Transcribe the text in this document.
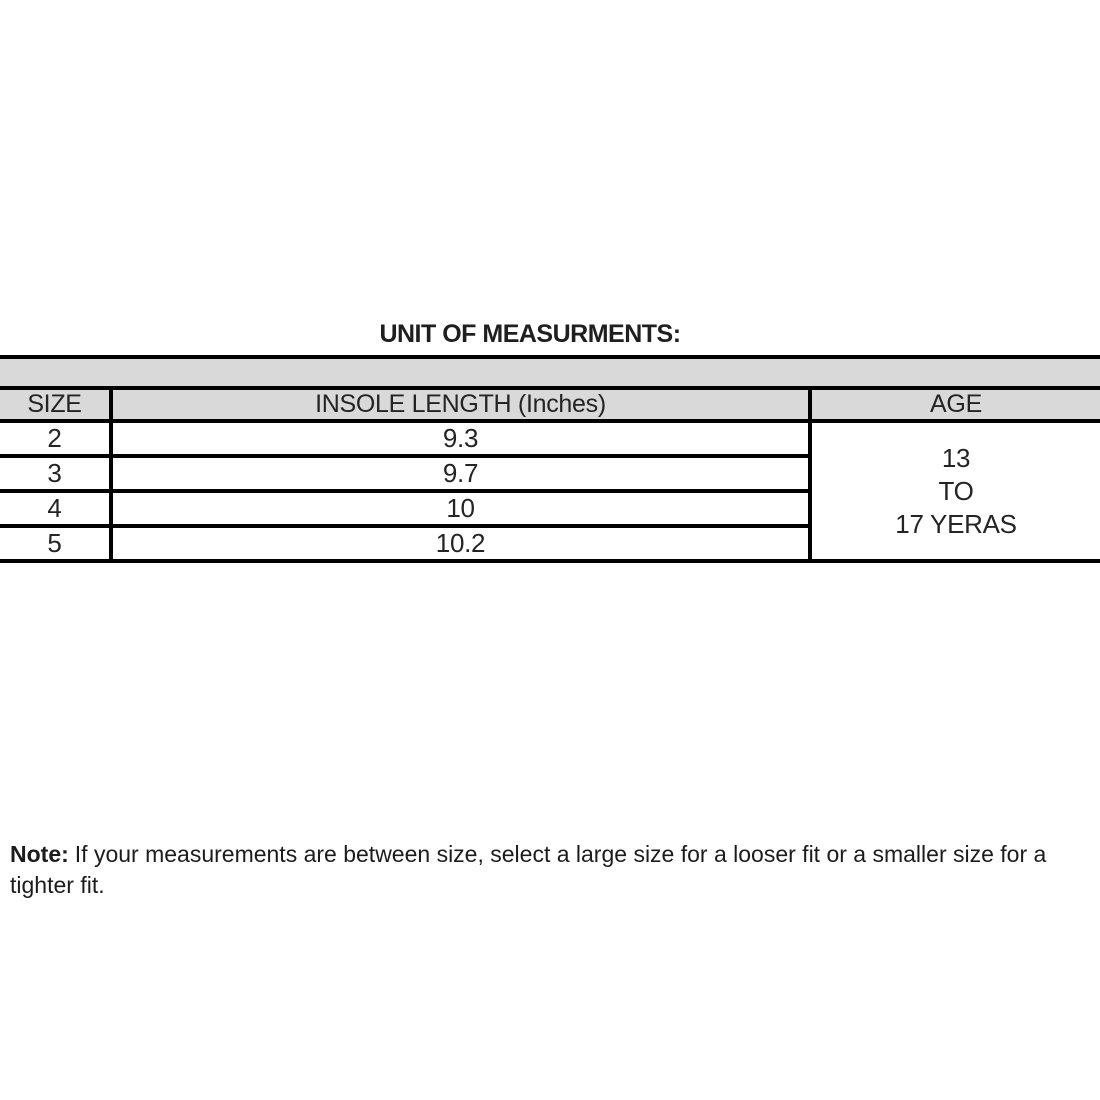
UNIT OF MEASURMENTS:

SIZE	INSOLE LENGTH (Inches)	AGE
2	9.3	13
TO
17 YERAS

3	9.7	
4	10	
5	10.2	

Note: If your measurements are between size, select a large size for a looser fit or a smaller size for a tighter fit.
